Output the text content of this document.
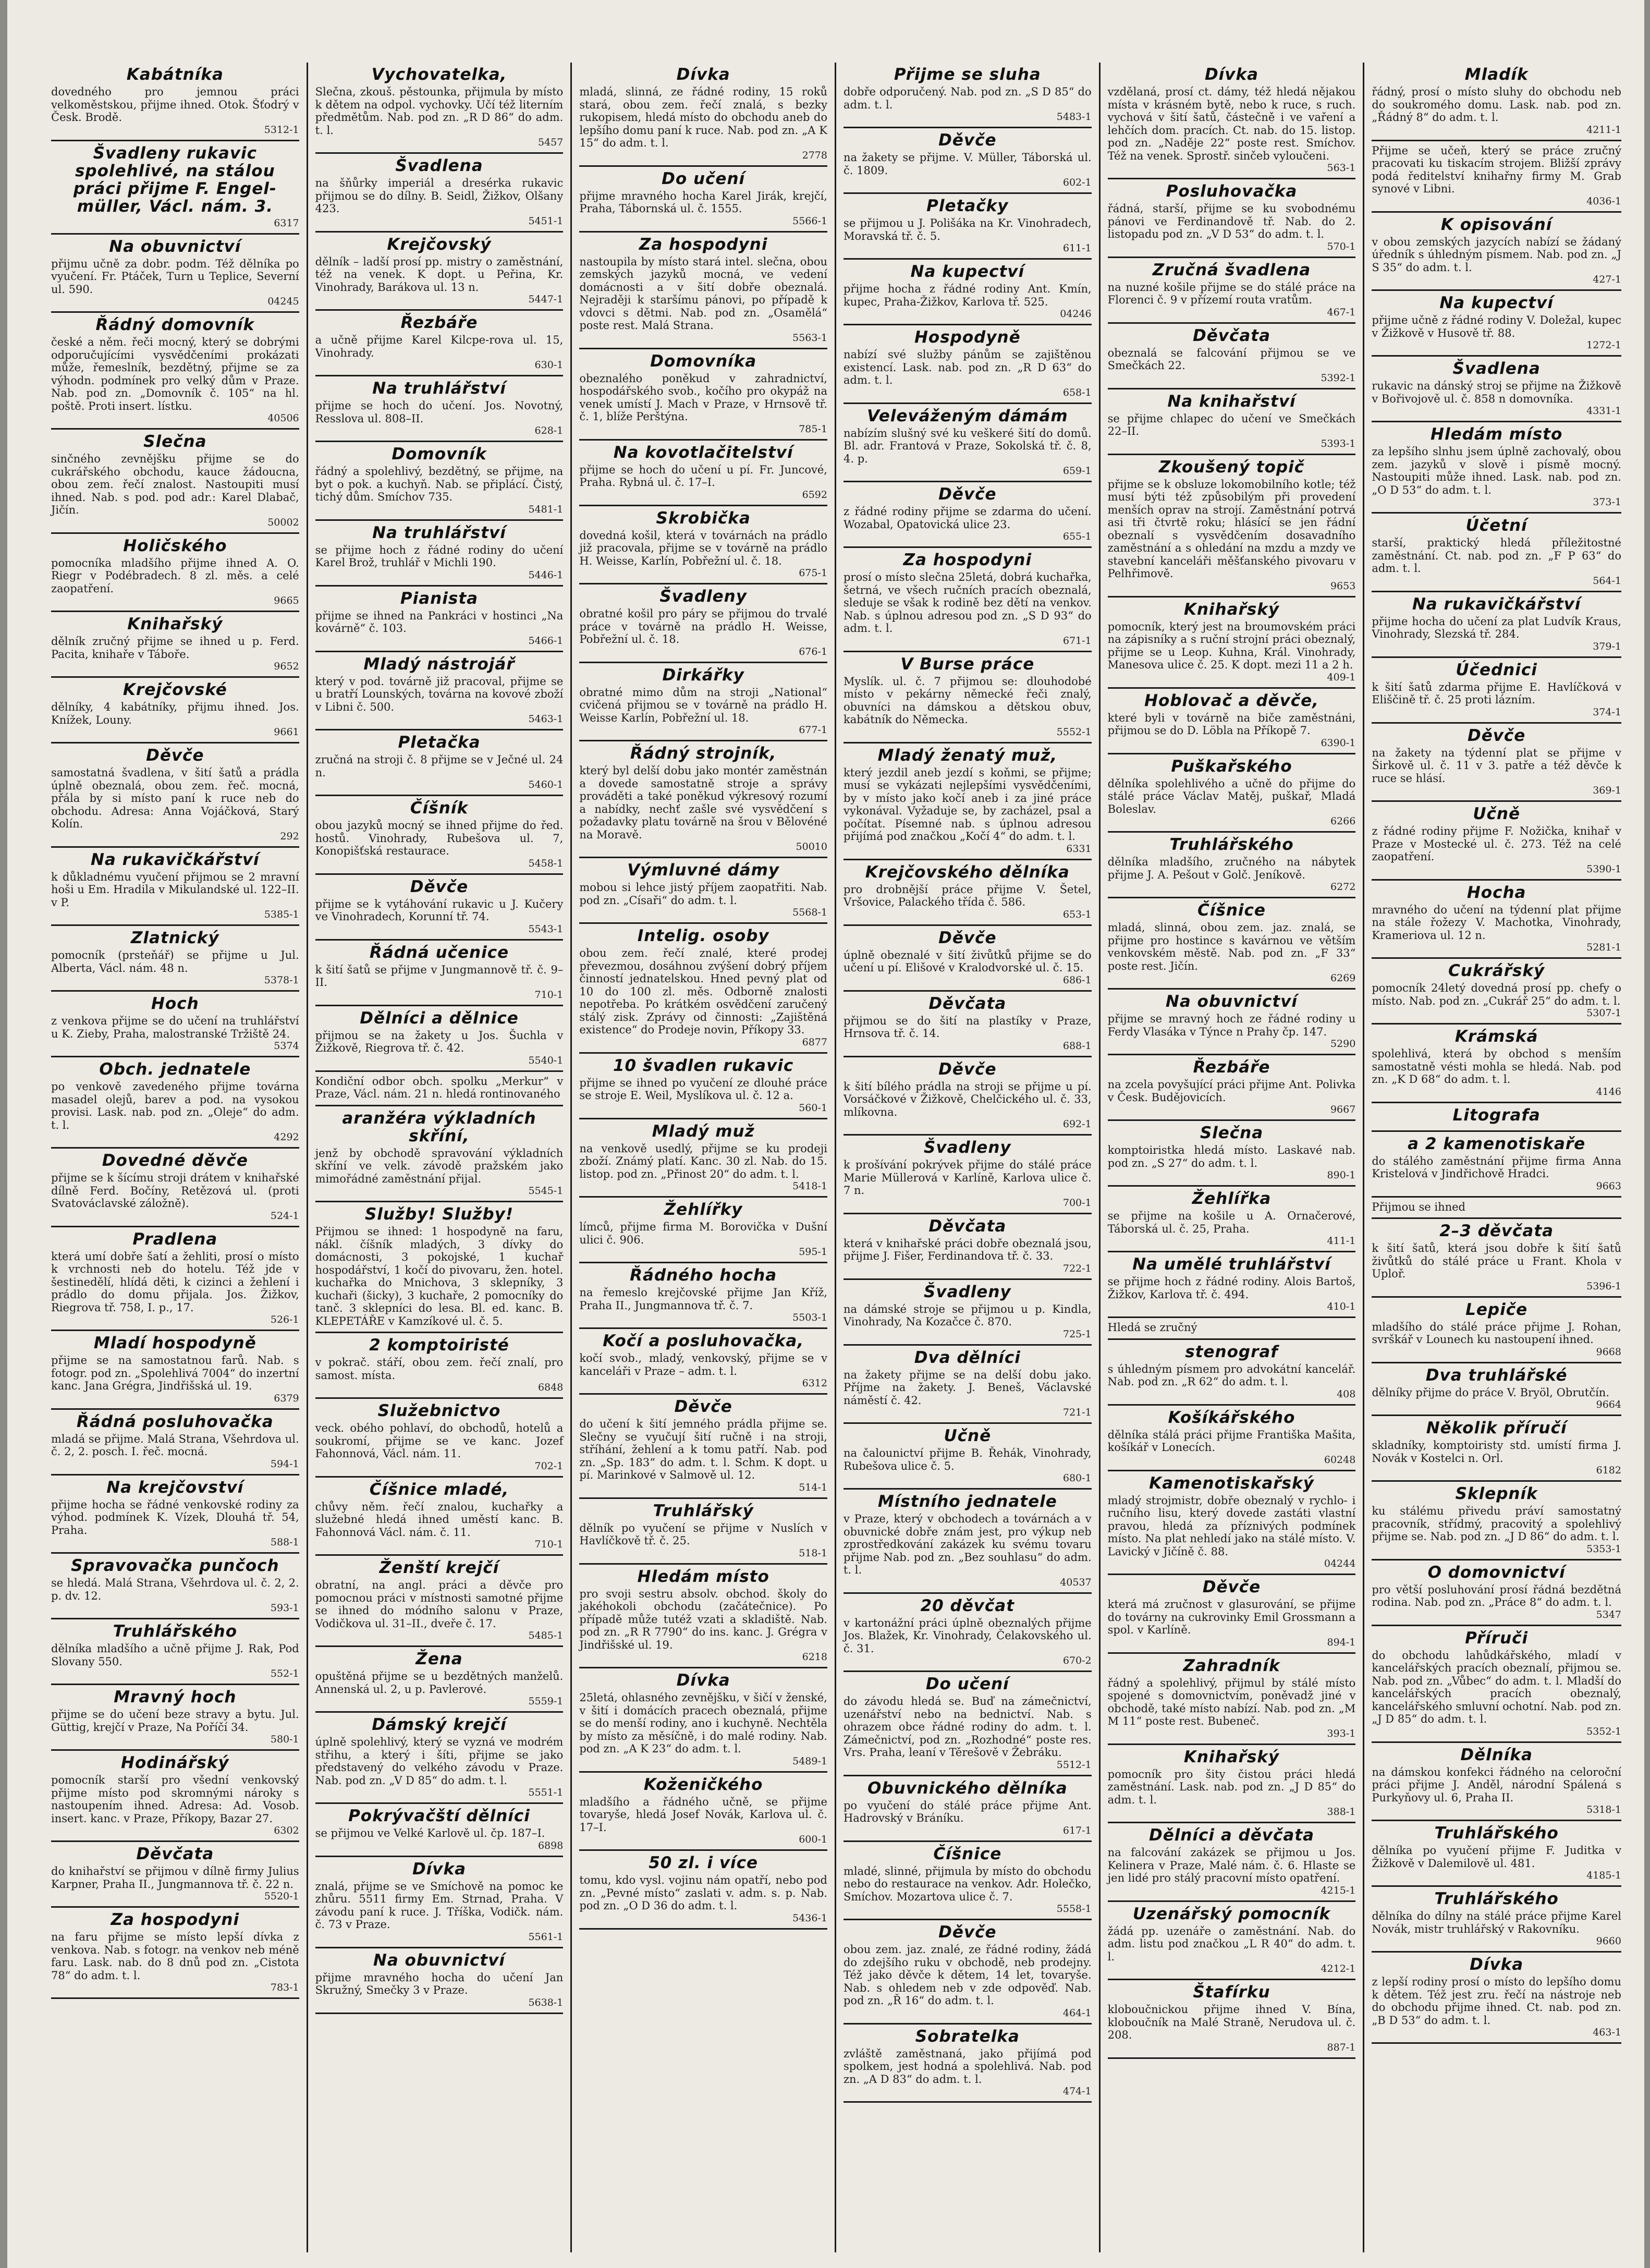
Kabátníka

dovedného pro jemnou práci velkoměstskou, přijme ihned. Otok. Šťodrý v Česk. Brodě.

5312-1
Švadleny rukavic spolehlivé, na stálou práci přijme F. Engel-müller, Václ. nám. 3.
6317
Na obuvnictví

přijmu učně za dobr. podm. Též dělníka po vyučení. Fr. Ptáček, Turn u Teplice, Severní ul. 590.

04245
Řádný domovník

české a něm. řeči mocný, který se dobrými odporučujícími vysvědčeními prokázati může, řemeslník, bezdětný, přijme se za výhodn. podmínek pro velký dům v Praze. Nab. pod zn. „Domovník č. 105“ na hl. poště. Proti insert. lístku.

40506
Slečna

sinčného zevnějšku přijme se do cukrářského obchodu, kauce žádoucna, obou zem. řečí znalost. Nastoupiti musí ihned. Nab. s pod. pod adr.: Karel Dlabač, Jičín.

50002
Holičského

pomocníka mladšího přijme ihned A. O. Riegr v Podébradech. 8 zl. měs. a celé zaopatření.

9665
Knihařský

dělník zručný přijme se ihned u p. Ferd. Pacita, knihaře v Táboře.

9652
Krejčovské

dělníky, 4 kabátníky, přijmu ihned. Jos. Knížek, Louny.

9661
Děvče

samostatná švadlena, v šití šatů a prádla úplně obeznalá, obou zem. řeč. mocná, přála by si místo paní k ruce neb do obchodu. Adresa: Anna Vojáčková, Starý Kolín.

292
Na rukavičkářství

k důkladnému vyučení přijmou se 2 mravní hoši u Em. Hradila v Mikulandské ul. 122–II. v P.

5385-1
Zlatnický

pomocník (prsteňář) se přijme u Jul. Alberta, Václ. nám. 48 n.

5378-1
Hoch

z venkova přijme se do učení na truhlářství u K. Zieby, Praha, malostranské Tržiště 24.

5374
Obch. jednatele

po venkově zavedeného přijme továrna masadel olejů, barev a pod. na vysokou provisi. Lask. nab. pod zn. „Oleje“ do adm. t. l.

4292
Dovedné děvče

přijme se k šícímu stroji drátem v knihařské dílně Ferd. Bočíny, Retězová ul. (proti Svatováclavské záložně).

524-1
Pradlena

která umí dobře šatí a žehliti, prosí o místo k vrchnosti neb do hotelu. Též jde v šestinedělí, hlídá děti, k cizinci a žehlení i prádlo do domu přijala. Jos. Žižkov, Riegrova tř. 758, I. p., 17.

526-1
Mladí hospodyně

přijme se na samostatnou farů. Nab. s fotogr. pod zn. „Spolehlivá 7004“ do inzertní kanc. Jana Grégra, Jindřišská ul. 19.

6379
Řádná posluhovačka

mladá se přijme. Malá Strana, Všehrdova ul. č. 2, 2. posch. I. řeč. mocná.

594-1
Na krejčovství

přijme hocha se řádné venkovské rodiny za výhod. podmínek K. Vízek, Dlouhá tř. 54, Praha.

588-1
Spravovačka punčoch

se hledá. Malá Strana, Všehrdova ul. č. 2, 2. p. dv. 12.

593-1
Truhlářského

dělníka mladšího a učně přijme J. Rak, Pod Slovany 550.

552-1
Mravný hoch

přijme se do učení beze stravy a bytu. Jul. Güttig, krejčí v Praze, Na Poříčí 34.

580-1
Hodinářský

pomocník starší pro všední venkovský přijme místo pod skromnými nároky s nastoupením ihned. Adresa: Ad. Vosob. insert. kanc. v Praze, Příkopy, Bazar 27.

6302
Děvčata

do knihařství se přijmou v dílně firmy Julius Karpner, Praha II., Jungmannova tř. č. 22 n.

5520-1
Za hospodyni

na faru přijme se místo lepší dívka z venkova. Nab. s fotogr. na venkov neb méně faru. Lask. nab. do 8 dnů pod zn. „Cistota 78“ do adm. t. l.

783-1
Vychovatelka,

Slečna, zkouš. pěstounka, přijmula by místo k dětem na odpol. vychovky. Učí též literním předmětům. Nab. pod zn. „R D 86“ do adm. t. l.

5457
Švadlena

na šňůrky imperiál a dresérka rukavic přijmou se do dílny. B. Seidl, Žižkov, Olšany 423.

5451-1
Krejčovský

dělník – ladší prosí pp. mistry o zaměstnání, též na venek. K dopt. u Peřina, Kr. Vinohrady, Barákova ul. 13 n.

5447-1
Řezbáře

a učně přijme Karel Kilcpe-rova ul. 15, Vinohrady.

630-1
Na truhlářství

přijme se hoch do učení. Jos. Novotný, Resslova ul. 808–II.

628-1
Domovník

řádný a spolehlivý, bezdětný, se přijme, na byt o pok. a kuchyň. Nab. se připlácí. Čistý, tichý dům. Smíchov 735.

5481-1
Na truhlářství

se přijme hoch z řádné rodiny do učení Karel Brož, truhlář v Michli 190.

5446-1
Pianista

přijme se ihned na Pankráci v hostinci „Na kovárně“ č. 103.

5466-1
Mladý nástrojář

který v pod. továrně již pracoval, přijme se u bratří Lounských, továrna na kovové zboží v Libni č. 500.

5463-1
Pletačka

zručná na stroji č. 8 přijme se v Ječné ul. 24 n.

5460-1
Číšník

obou jazyků mocný se ihned přijme do řed. hostů. Vinohrady, Rubešova ul. 7, Konopišťská restaurace.

5458-1
Děvče

přijme se k vytáhování rukavic u J. Kučery ve Vinohradech, Korunní tř. 74.

5543-1
Řádná učenice

k šití šatů se přijme v Jungmannově tř. č. 9–II.

710-1
Dělníci a dělnice

přijmou se na žakety u Jos. Šuchla v Žižkově, Riegrova tř. č. 42.

5540-1

Kondiční odbor obch. spolku „Merkur“ v Praze, Václ. nám. 21 n. hledá rontinovaného

aranžéra výkladních skříní,

jenž by obchodě spravování výkladních skříní ve velk. závodě pražském jako mimořádné zaměstnání přijal.

5545-1
Služby! Služby!

Přijmou se ihned: 1 hospodyně na faru, nákl. číšník mladých, 3 dívky do domácnosti, 3 pokojské, 1 kuchař hospodářství, 1 kočí do pivovaru, žen. hotel. kuchařka do Mnichova, 3 sklepníky, 3 kuchaři (šicky), 3 kuchaře, 2 pomocníky do tanč. 3 sklepníci do lesa. Bl. ed. kanc. B. KLEPETÁŘE v Kamzíkové ul. č. 5.

2 komptoiristé

v pokrač. stáří, obou zem. řečí znalí, pro samost. místa.

6848
Služebnictvo

veck. obého pohlaví, do obchodů, hotelů a soukromí, přijme se ve kanc. Jozef Fahonnová, Václ. nám. 11.

702-1
Číšnice mladé,

chůvy něm. řečí znalou, kuchařky a služebné hledá ihned uměstí kanc. B. Fahonnová Václ. nám. č. 11.

710-1
Ženští krejčí

obratní, na angl. práci a děvče pro pomocnou práci v místnosti samotné přijme se ihned do módního salonu v Praze, Vodičkova ul. 31–II., dveře č. 17.

5485-1
Žena

opuštěná přijme se u bezdětných manželů. Annenská ul. 2, u p. Pavlerové.

5559-1
Dámský krejčí

úplně spolehlivý, který se vyzná ve modrém střihu, a který i šíti, přijme se jako představený do velkého závodu v Praze. Nab. pod zn. „V D 85“ do adm. t. l.

5551-1
Pokrývačští dělníci

se přijmou ve Velké Karlově ul. čp. 187–I.

6898
Dívka

znalá, přijme se ve Smíchově na pomoc ke zhůru. 5511 firmy Em. Strnad, Praha. V závodu paní k ruce. J. Tříška, Vodičk. nám. č. 73 v Praze.

5561-1
Na obuvnictví

přijme mravného hocha do učení Jan Skružný, Smečky 3 v Praze.

5638-1
Dívka

mladá, slinná, ze řádné rodiny, 15 roků stará, obou zem. řečí znalá, s bezky rukopisem, hledá místo do obchodu aneb do lepšího domu paní k ruce. Nab. pod zn. „A K 15“ do adm. t. l.

2778
Do učení

přijme mravného hocha Karel Jirák, krejčí, Praha, Tábornská ul. č. 1555.

5566-1
Za hospodyni

nastoupila by místo stará intel. slečna, obou zemských jazyků mocná, ve vedení domácnosti a v šití dobře obeznalá. Nejraději k staršímu pánovi, po případě k vdovci s dětmi. Nab. pod zn. „Osamělá“ poste rest. Malá Strana.

5563-1
Domovníka

obeznalého poněkud v zahradnictví, hospodářského svob., kočího pro okypáž na venek umístí J. Mach v Praze, v Hrnsově tř. č. 1, blíže Perštýna.

785-1
Na kovotlačitelství

přijme se hoch do učení u pí. Fr. Juncové, Praha. Rybná ul. č. 17–I.

6592
Skrobička

dovedná košil, která v továrnách na prádlo již pracovala, přijme se v továrně na prádlo H. Weisse, Karlín, Pobřežní ul. č. 18.

675-1
Švadleny

obratné košil pro páry se přijmou do trvalé práce v továrně na prádlo H. Weisse, Pobřežní ul. č. 18.

676-1
Dirkářky

obratné mimo dům na stroji „National“ cvičená přijmou se v továrně na prádlo H. Weisse Karlín, Pobřežní ul. 18.

677-1
Řádný strojník,

který byl delší dobu jako montér zaměstnán a dovede samostatně stroje a správy prováděti a také poněkud výkresový rozumí a nabídky, nechť zašle své vysvědčení s požadavky platu továrně na šrou v Bělovéné na Moravě.

50010
Výmluvné dámy

mobou si lehce jistý příjem zaopatřiti. Nab. pod zn. „Císaři“ do adm. t. l.

5568-1
Intelig. osoby

obou zem. řečí znalé, které prodej převezmou, dosáhnou zvýšení dobrý příjem činností jednatelskou. Hned pevný plat od 10 do 100 zl. měs. Odborně znalosti nepotřeba. Po krátkém osvědčení zaručený stálý zisk. Zprávy od činnosti: „Zajištěná existence“ do Prodeje novin, Příkopy 33.

6877
10 švadlen rukavic

přijme se ihned po vyučení ze dlouhé práce se stroje E. Weil, Myslíkova ul. č. 12 a.

560-1
Mladý muž

na venkově usedlý, přijme se ku prodeji zboží. Známý platí. Kanc. 30 zl. Nab. do 15. listop. pod zn. „Přinost 20“ do adm. t. l.

5418-1
Žehlířky

límců, přijme firma M. Borovička v Dušní ulici č. 906.

595-1
Řádného hocha

na řemeslo krejčovské přijme Jan Kříž, Praha II., Jungmannova tř. č. 7.

5503-1
Kočí a posluhovačka,

kočí svob., mladý, venkovský, přijme se v kanceláři v Praze – adm. t. l.

6312
Děvče

do učení k šití jemného prádla přijme se. Slečny se vyučují šití ručně i na stroji, stříhání, žehlení a k tomu patří. Nab. pod zn. „Sp. 183“ do adm. t. l. Schm. K dopt. u pí. Marinkové v Salmově ul. 12.

514-1
Truhlářský

dělník po vyučení se přijme v Nuslích v Havlíčkově tř. č. 25.

518-1
Hledám místo

pro svoji sestru absolv. obchod. školy do jakéhokoli obchodu (začátečnice). Po případě může tutéž vzati a skladiště. Nab. pod zn. „R R 7790“ do ins. kanc. J. Grégra v Jindřišské ul. 19.

6218
Dívka

25letá, ohlasného zevnějšku, v šičí v ženské, v šití i domácích pracech obeznalá, přijme se do menší rodiny, ano i kuchyně. Nechtěla by místo za měsíčně, i do malé rodiny. Nab. pod zn. „A K 23“ do adm. t. l.

5489-1
Koženičkého

mladšího a řádného učně, se přijme tovaryše, hledá Josef Novák, Karlova ul. č. 17–I.

600-1
50 zl. i více

tomu, kdo vysl. vojinu nám opatří, nebo pod zn. „Pevné místo“ zaslati v. adm. s. p. Nab. pod zn. „O D 36 do adm. t. l.

5436-1
Přijme se sluha

dobře odporučený. Nab. pod zn. „S D 85“ do adm. t. l.

5483-1
Děvče

na žakety se přijme. V. Müller, Táborská ul. č. 1809.

602-1
Pletačky

se přijmou u J. Polišáka na Kr. Vinohradech, Moravská tř. č. 5.

611-1
Na kupectví

přijme hocha z řádné rodiny Ant. Kmín, kupec, Praha-Žižkov, Karlova tř. 525.

04246
Hospodyně

nabízí své služby pánům se zajištěnou existencí. Lask. nab. pod zn. „R D 63“ do adm. t. l.

658-1
Veleváženým dámám

nabízím slušný své ku veškeré šití do domů. Bl. adr. Frantová v Praze, Sokolská tř. č. 8, 4. p.

659-1
Děvče

z řádné rodiny přijme se zdarma do učení. Wozabal, Opatovická ulice 23.

655-1
Za hospodyni

prosí o místo slečna 25letá, dobrá kuchařka, šetrná, ve všech ručních pracích obeznalá, sleduje se však k rodině bez dětí na venkov. Nab. s úplnou adresou pod zn. „S D 93“ do adm. t. l.

671-1
V Burse práce

Myslík. ul. č. 7 přijmou se: dlouhodobé místo v pekárny německé řeči znalý, obuvníci na dámskou a dětskou obuv, kabátník do Německa.

5552-1
Mladý ženatý muž,

který jezdil aneb jezdí s koňmi, se přijme; musí se vykázati nejlepšími vysvědčeními, by v místo jako kočí aneb i za jiné práce vykonával. Vyžaduje se, by zacházel, psal a počítat. Písemné nab. s úplnou adresou přijímá pod značkou „Kočí 4“ do adm. t. l.

6331
Krejčovského dělníka

pro drobnější práce přijme V. Šetel, Vršovice, Palackého třída č. 586.

653-1
Děvče

úplně obeznalé v šití živůtků přijme se do učení u pí. Elišové v Kralodvorské ul. č. 15.

686-1
Děvčata

přijmou se do šití na plastíky v Praze, Hrnsova tř. č. 14.

688-1
Děvče

k šití bílého prádla na stroji se přijme u pí. Vorsáčkové v Žižkově, Chelčického ul. č. 33, mlíkovna.

692-1
Švadleny

k prošívání pokrývek přijme do stálé práce Marie Müllerová v Karlíně, Karlova ulice č. 7 n.

700-1
Děvčata

která v knihařské práci dobře obeznalá jsou, přijme J. Fišer, Ferdinandova tř. č. 33.

722-1
Švadleny

na dámské stroje se přijmou u p. Kindla, Vinohrady, Na Kozačce č. 870.

725-1
Dva dělníci

na žakety přijme se na delší dobu jako. Příjme na žakety. J. Beneš, Václavské náměstí č. 42.

721-1
Učně

na čalounictví přijme B. Řehák, Vinohrady, Rubešova ulice č. 5.

680-1
Místního jednatele

v Praze, který v obchodech a továrnách a v obuvnické dobře znám jest, pro výkup neb zprostředkování zakázek ku svému tovaru přijme Nab. pod zn. „Bez souhlasu“ do adm. t. l.

40537
20 děvčat

v kartonážní práci úplně obeznalých přijme Jos. Blažek, Kr. Vinohrady, Čelakovského ul. č. 31.

670-2
Do učení

do závodu hledá se. Buď na zámečnictví, uzenářství nebo na bednictví. Nab. s ohrazem obce řádné rodiny do adm. t. l. Zámečnictví, pod zn. „Rozhodné“ poste res. Vrs. Praha, leaní v Těrešově v Žebráku.

5512-1
Obuvnického dělníka

po vyučení do stálé práce přijme Ant. Hadrovský v Bráníku.

617-1
Číšnice

mladé, slinné, přijmula by místo do obchodu nebo do restaurace na venkov. Adr. Holečko, Smíchov. Mozartova ulice č. 7.

5558-1
Děvče

obou zem. jaz. znalé, ze řádné rodiny, žádá do zdejšího ruku v obchodě, neb prodejny. Též jako děvče k dětem, 14 let, tovaryše. Nab. s ohledem neb v zde odpověď. Nab. pod zn. „Ř 16“ do adm. t. l.

464-1
Sobratelka

zvláště zaměstnaná, jako přijímá pod spolkem, jest hodná a spolehlivá. Nab. pod zn. „A D 83“ do adm. t. l.

474-1
Dívka

vzdělaná, prosí ct. dámy, též hledá nějakou místa v krásném bytě, nebo k ruce, s ruch. vychová v šití šatů, částečně i ve vaření a lehčích dom. pracích. Ct. nab. do 15. listop. pod zn. „Naděje 22“ poste rest. Smíchov. Též na venek. Sprostř. sinčeb vyloučeni.

563-1
Posluhovačka

řádná, starší, přijme se ku svobodnému pánovi ve Ferdinandově tř. Nab. do 2. listopadu pod zn. „V D 53“ do adm. t. l.

570-1
Zručná švadlena

na nuzné košile přijme se do stálé práce na Florenci č. 9 v přízemí routa vratům.

467-1
Děvčata

obeznalá se falcování přijmou se ve Smečkách 22.

5392-1
Na knihařství

se přijme chlapec do učení ve Smečkách 22–II.

5393-1
Zkoušený topič

přijme se k obsluze lokomobilního kotle; též musí býti též způsobilým při provedení menších oprav na strojí. Zaměstnání potrvá asi tři čtvrtě roku; hlásící se jen řádní obeznalí s vysvědčením dosavadního zaměstnání a s ohledání na mzdu a mzdy ve stavební kanceláři měšťanského pivovaru v Pelhřimově.

9653
Knihařský

pomocník, který jest na broumovském práci na zápisníky a s ruční strojní práci obeznalý, přijme se u Leop. Kuhna, Král. Vinohrady, Manesova ulice č. 25. K dopt. mezi 11 a 2 h.

409-1
Hoblovač a děvče,

které byli v továrně na biče zaměstnáni, přijmou se do D. Löbla na Příkopě 7.

6390-1
Puškařského

dělníka spolehlivého a učně do přijme do stálé práce Václav Matěj, puškař, Mladá Boleslav.

6266
Truhlářského

dělníka mladšího, zručného na nábytek přijme J. A. Pešout v Golč. Jeníkově.

6272
Číšnice

mladá, slinná, obou zem. jaz. znalá, se přijme pro hostince s kavárnou ve větším venkovském městě. Nab. pod zn. „F 33“ poste rest. Jičín.

6269
Na obuvnictví

přijme se mravný hoch ze řádné rodiny u Ferdy Vlasáka v Týnce n Prahy čp. 147.

5290
Řezbáře

na zcela povyšující práci přijme Ant. Polivka v Česk. Budějovicích.

9667
Slečna

komptoiristka hledá místo. Laskavé nab. pod zn. „S 27“ do adm. t. l.

890-1
Žehlířka

se přijme na košile u A. Ornačerové, Táborská ul. č. 25, Praha.

411-1
Na umělé truhlářství

se přijme hoch z řádné rodiny. Alois Bartoš, Žižkov, Karlova tř. č. 494.

410-1

Hledá se zručný

stenograf

s úhledným písmem pro advokátní kancelář. Nab. pod zn. „R 62“ do adm. t. l.

408
Košíkářského

dělníka stálá práci přijme Františka Mašita, košíkář v Lonecích.

60248
Kamenotiskařský

mladý strojmistr, dobře obeznalý v rychlo- i ručního lisu, který dovede zastáti vlastní pravou, hledá za příznivých podmínek místo. Na plat nehledí jako na stálé místo. V. Lavický v Jičíně č. 88.

04244
Děvče

která má zručnost v glasurování, se přijme do továrny na cukrovinky Emil Grossmann a spol. v Karlíně.

894-1
Zahradník

řádný a spolehlivý, přijmul by stálé místo spojené s domovnictvím, poněvadž jiné v obchodě, také místo nabízí. Nab. pod zn. „M M 11“ poste rest. Bubeneč.

393-1
Knihařský

pomocník pro šity čistou práci hledá zaměstnání. Lask. nab. pod zn. „J D 85“ do adm. t. l.

388-1
Dělníci a děvčata

na falcování zakázek se přijmou u Jos. Kelinera v Praze, Malé nám. č. 6. Hlaste se jen lidé pro stálý pracovní místo opatření.

4215-1
Uzenářský pomocník

žádá pp. uzenáře o zaměstnání. Nab. do adm. listu pod značkou „L R 40“ do adm. t. l.

4212-1
Štafírku

kloboučnickou přijme ihned V. Bína, kloboučník na Malé Straně, Nerudova ul. č. 208.

887-1
Mladík

řádný, prosí o místo sluhy do obchodu neb do soukromého domu. Lask. nab. pod zn. „Řádný 8“ do adm. t. l.

4211-1

Přijme se učeň, který se práce zručný pracovati ku tiskacím strojem. Bližší zprávy podá ředitelství knihařny firmy M. Grab synové v Libni.

4036-1
K opisování

v obou zemských jazycích nabízí se žádaný úředník s úhledným písmem. Nab. pod zn. „J S 35“ do adm. t. l.

427-1
Na kupectví

přijme učně z řádné rodiny V. Doležal, kupec v Žižkově v Husově tř. 88.

1272-1
Švadlena

rukavic na dánský stroj se přijme na Žižkově v Bořivojově ul. č. 858 n domovníka.

4331-1
Hledám místo

za lepšího slnhu jsem úplně zachovalý, obou zem. jazyků v slově i písmě mocný. Nastoupiti může ihned. Lask. nab. pod zn. „O D 53“ do adm. t. l.

373-1
Účetní

starší, praktický hledá příležitostné zaměstnání. Ct. nab. pod zn. „F P 63“ do adm. t. l.

564-1
Na rukavičkářství

přijme hocha do učení za plat Ludvík Kraus, Vinohrady, Slezská tř. 284.

379-1
Účednici

k šití šatů zdarma přijme E. Havlíčková v Eliščině tř. č. 25 proti lázním.

374-1
Děvče

na žakety na týdenní plat se přijme v Širkově ul. č. 11 v 3. patře a též děvče k ruce se hlásí.

369-1
Učně

z řádné rodiny přijme F. Nožička, knihař v Praze v Mostecké ul. č. 273. Též na celé zaopatření.

5390-1
Hocha

mravného do učení na týdenní plat přijme na stále řožezy V. Machotka, Vinohrady, Krameriova ul. 12 n.

5281-1
Cukrářský

pomocník 24letý dovedná prosí pp. chefy o místo. Nab. pod zn. „Cukrář 25“ do adm. t. l.

5307-1
Krámská

spolehlivá, která by obchod s menším samostatně vésti mohla se hledá. Nab. pod zn. „K D 68“ do adm. t. l.

4146
Litografa
a 2 kamenotiskaře

do stálého zaměstnání přijme firma Anna Kristelová v Jindřichově Hradci.

9663

Přijmou se ihned

2–3 děvčata

k šití šatů, která jsou dobře k šití šatů živůtků do stálé práce u Frant. Khola v Uploř.

5396-1
Lepiče

mladšího do stálé práce přijme J. Rohan, svrškář v Lounech ku nastoupení ihned.

9668
Dva truhlářské

dělníky přijme do práce V. Bryöl, Obrutčín.

9664
Několik příručí

skladníky, komptoiristy std. umístí firma J. Novák v Kostelci n. Orl.

6182
Sklepník

ku stálému přivedu práví samostatný pracovník, střídmý, pracovitý a spolehlivý přijme se. Nab. pod zn. „J D 86“ do adm. t. l.

5353-1
O domovnictví

pro větší posluhování prosí řádná bezdětná rodina. Nab. pod zn. „Práce 8“ do adm. t. l.

5347
Příruči

do obchodu lahůdkářského, mladí v kancelářských pracích obeznalí, přijmou se. Nab. pod zn. „Vůbec“ do adm. t. l. Mladší do kancelářských pracích obeznalý, kancelářského smluvní ochotní. Nab. pod zn. „J D 85“ do adm. t. l.

5352-1
Dělníka

na dámskou konfekci řádného na celoroční práci přijme J. Anděl, národní Spálená s Purkyňovy ul. 6, Praha II.

5318-1
Truhlářského

dělníka po vyučení přijme F. Juditka v Žižkově v Dalemilově ul. 481.

4185-1
Truhlářského

dělníka do dílny na stálé práce přijme Karel Novák, mistr truhlářský v Rakovníku.

9660
Dívka

z lepší rodiny prosí o místo do lepšího domu k dětem. Též jest zru. řečí na nástroje neb do obchodu přijme ihned. Ct. nab. pod zn. „B D 53“ do adm. t. l.

463-1
